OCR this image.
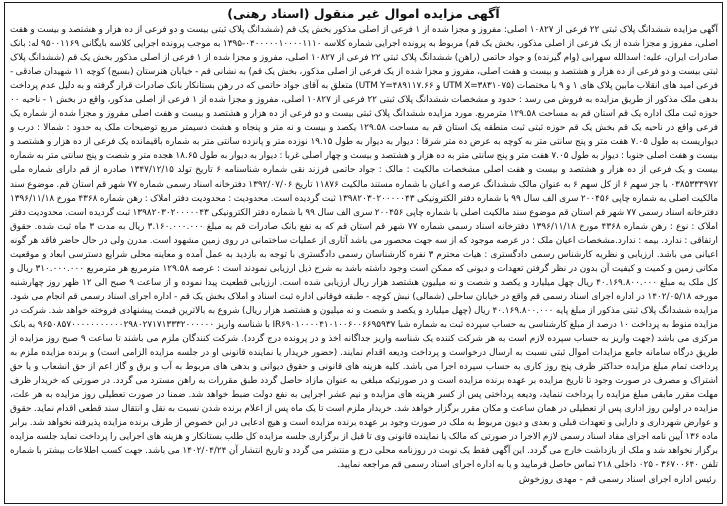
آگهی مزایده اموال غیر منقول (اسناد رهنی)

آگهی مزایده ششدانگ پلاک ثبتی ۲۲ فرعی از ۱۰۸۲۷ اصلی: مفروز و مجزا شده از ۱ فرعی از اصلی مذکور بخش یک قم (ششدانگ پلاک ثبتی بیست و دو فرعی از ده هزار و هشتصد و بیست و هفت اصلی، مفروز و مجزا شده از یک فرعی از اصلی مذکور، بخش یک قم) مربوط به پرونده اجرایی شماره کلاسه ۰۴۰۰۰۰۰۱۰۰۰۰۱۱۱۰-۱۳۹۵ به موجب پرونده اجرایی کلاسه بایگانی ۹۵۰۰۱۱۶۹ له: بانک صادرات ایران، علیه: اسدالله سهرابی (وام گیرنده) و جواد حاتمی (راهن) ششدانگ پلاک ثبتی ۲۲ فرعی از ۱۰۸۲۷ اصلی، مفروز و مجزا شده از ۱ فرعی از اصلی مذکور بخش یک قم (ششدانگ پلاک ثبتی بیست و دو فرعی از ده هزار و هشتصد و بیست و هفت اصلی، مفروز و مجزا شده از یک فرعی از اصلی مذکور، بخش یک قم) به نشانی قم - خیابان هنرستان (بسیج) کوچه ۱۱ شهیدان صادقی - فرعی امید های انقلاب مابین پلاک های ۱ و ۹ با مختصات (UTM X=۳۸۳۱۰۷۵ و UTM Y=۴۸۹۱۱۷.۶۶) متعلق به آقای جواد حاتمی که در رهن بستانکار بانک صادرات قرار گرفته و به دلیل عدم پرداخت بدهی ملک مذکور از طریق مزایده به فروش می رسد : حدود و مشخصات ششدانگ پلاک ثبتی ۲۲ فرعی از ۱۰۸۲۷ اصلی، مفروز و مجزا شده از ۱ فرعی از اصلی مذکور، واقع در بخش ۱ - ناحیه ۰۰ حوزه ثبت ملک اداره یک قم استان قم به مساحت ۱۲۹.۵۸ مترمربع. مورد مزایده ششدانگ پلاک ثبتی بیست و دو فرعی از ده هزار و هشتصد و بیست و هفت اصلی مفروز و مجزا شده از شماره یک فرعی واقع در ناحیه یک قم بخش یک قم حوزه ثبتی ثبت منطقه یک استان قم به مساحت ۱۲۹.۵۸ یکصد و بیست و نه متر و پنجاه و هشت دسیمتر مربع توضیحات ملک به حدود : شمالا : درب و دیواریست به طول ۷.۰۵ هفت متر و پنج سانتی متر به کوچه به عرض ده متر شرقا : دیوار به دیوار به طول ۱۹.۱۵ نوزده متر و پانزده سانتی متر به شماره باقیمانده یک فرعی از ده هزار و هشتصد و بیست و هفت اصلی جنوبا : دیوار به طول ۷.۰۵ هفت متر و پنج سانتی متر به ده هزار و هشتصد و بیست و چهار اصلی غربا : دیوار به دیوار به طول ۱۸.۶۵ هجده متر و شصت و پنج سانتی متر به شماره بیست و یک فرعی از ده هزار و هشتصد و بیست و هفت اصلی مشخصات مالکیت : مالک : جواد حاتمی فرزند نقی شماره شناسنامه ۶ تاریخ تولد ۱۳۴۷/۱۲/۱۵ صادره از قم دارای شماره ملی ۰۳۸۵۳۳۳۹۷۲ با جز سهم ۶ از کل سهم ۶ به عنوان مالک ششدانگ عرصه و اعیان با شماره مستند مالکیت ۱۱۸۷۶ تاریخ ۱۳۹۲/۰۷/۰۶ دفترخانه اسناد رسمی شماره ۷۷ شهر قم استان قم. موضوع سند مالکیت اصلی به شماره چاپی ۲۰۰۴۵۶ سری الف سال ۹۹ با شماره دفتر الکترونیکی ۱۳۹۸۲۰۳۰۲۰۰۰۰۰۴۳ ثبت گردیده است. محدودیت : محدودیت دفتر املاک : رهن شماره ۴۳۶۸ مورخ ۱۳۹۶/۱۱/۱۸ دفترخانه اسناد رسمی ۷۷ شهر قم استان قم موضوع سند مالکیت اصلی با شماره چاپی ۲۰۰۴۵۶ سری الف سال ۹۹ با شماره دفتر الکترونیکی ۱۳۹۸۲۰۳۰۲۰۰۰۰۰۴۳ ثبت گردیده است. محدودیت دفتر املاک : نوع : رهن شماره ۴۳۶۸ مورخ ۱۳۹۶/۱۱/۱۸ دفترخانه اسناد رسمی شماره ۷۷ شهر قم استان قم که به نفع بانک صادرات قم به مبلغ ۳.۱۶۰.۰۰۰.۰۰۰ ریال به مدت ۳ ماه ثبت شده. حقوق ارتفاقی : ندارد. بیمه : ندارد.مشخصات اعیان ملک : در عرصه موجود که از سه جهت محصور می باشد آثاری از عملیات ساختمانی در روی زمین مشهود است. مدرن ولی در حال حاضر فاقد هر گونه اعیانی می باشد. ارزیابی و نظریه کارشناس رسمی دادگستری : هیات محترم ۳ نفره کارشناسان رسمی دادگستری با توجه به بازدید به عمل آمده و معاینه محلی شرایع دسترسی ابعاد و موقعیت مکانی زمین و کمیت و کیفیت آن بدون در نظر گرفتن تعهدات و دیونی که ممکن است وجود داشته باشد به شرح ذیل ارزیابی نمودند است : عرصه ۱۲۹.۵۸ مترمربع هر مترمربع ۳۱۰.۰۰۰.۰۰۰ ریال و کل ملک به مبلغ ۴۰.۱۶۹.۸۰۰.۰۰۰ ریال چهل میلیارد و یکصد و شصت و نه میلیون هشتصد هزار ریال ارزیابی شده است. ارزیابی قطعیت پیدا نموده و از ساعت ۹ صبح الی ۱۲ ظهر روز چهارشنبه مورخه ۱۴۰۲/۰۵/۱۸ در اداره اجرای اسناد رسمی قم واقع در خیابان ساحلی (شمالی) نبش کوچه - طبقه فوقانی اداره ثبت اسناد و املاک بخش یک قم - اداره اجرای اسناد رسمی قم انجام می شود. مزایده ششدانگ پلاک ثبتی مذکور از مبلغ پایه ۴۰.۱۶۹.۸۰۰.۰۰۰ ریال (چهل میلیارد و یکصد و شصت و نه میلیون و هشتصد هزار ریال) شروع به بالاترین قیمت پیشنهادی فروخته خواهد شد. شرکت در مزایده منوط به پرداخت ۱۰ درصد از مبلغ کارشناسی به حساب سپرده ثبت به شماره شبا IR۶۹۰۱۰۰۰۰۴۱۰۱۰۰۶۰۰۶۶۹۵۹۳۷ با شناسه واریز ۹۶۵۰۸۵۷۰۰۰۰۰۰۰۰۰۰۰۲۹۸۰۲۷۱۷۱۳۳۳۲۰۰۰۰۰۰ به بانک مرکزی می باشد (جهت واریز به حساب سپرده لازم است به هر شرکت کننده یک شناسه واریز جداگانه اخذ و در پرونده درج گردد). شرکت کنندگان ملزم می باشند تا ساعت ۹ صبح روز مزایده از طریق درگاه سامانه جامع مزایدات اموال ثبتی نسبت به ارسال درخواست و پرداخت ودیعه اقدام نمایند. (حضور خریدار یا نماینده قانونی او در جلسه مزایده الزامی است) و برنده مزایده ملزم به پرداخت تمام مبلغ مزایده حداکثر ظرف پنج روز کاری به حساب سپرده اجرا می باشد. کلیه هزینه های قانونی و حقوق دیوانی و بدهی های مربوط به آب و برق و گاز اعم از حق انشعاب و یا حق اشتراک و مصرف در صورت وجود تا تاریخ مزایده بر عهده برنده مزایده است و در صورتیکه مبلغی به عنوان مازاد حاصل گردد طبق مقررات به راهن مسترد می گردد. در صورتی که خریدار ظرف مهلت مقرر مابقی مبلغ مزایده را پرداخت ننماید، ودیعه پرداختی پس از کسر هزینه های مزایده و نیم عشر اجرایی به نفع دولت ضبط خواهد شد. ضمنا در صورت تعطیلی روز مزایده به هر علت، مزایده در اولین روز اداری پس از تعطیلی در همان ساعت و مکان مقرر برگزار خواهد شد. خریدار ملزم است تا یک ماه پس از اعلام برنده شدن نسبت به نقل و انتقال سند قطعی اقدام نماید. حقوق و عوارض شهرداری و دارایی و تعهدات قبلی و بعدی و دیون مربوط به ملک در صورت وجود بر عهده برنده مزایده است و هیچ ادعایی در این خصوص از طرف برنده مزایده پذیرفته نخواهد شد. برابر ماده ۱۳۶ آیین نامه اجرای مفاد اسناد رسمی لازم الاجرا در صورتی که مالک یا نماینده قانونی وی تا قبل از برگزاری جلسه مزایده کل طلب بستانکار و هزینه های اجرایی را پرداخت نماید جلسه مزایده برگزار نخواهد شد و ملک از بازداشت خارج می گردد. این آگهی فقط یک نوبت در روزنامه محلی درج و منتشر می گردد و تاریخ انتشار آن ۱۴۰۲/۰۴/۲۴ می باشد. جهت کسب اطلاعات بیشتر با شماره تلفن ۳۶۷۰۰۶۴۰ - ۰۲۵ داخلی ۲۱۸ تماس حاصل فرمایید و یا به اداره اجرای اسناد رسمی قم مراجعه نمایید.

رئیس اداره اجرای اسناد رسمی قم - مهدی روزخوش
